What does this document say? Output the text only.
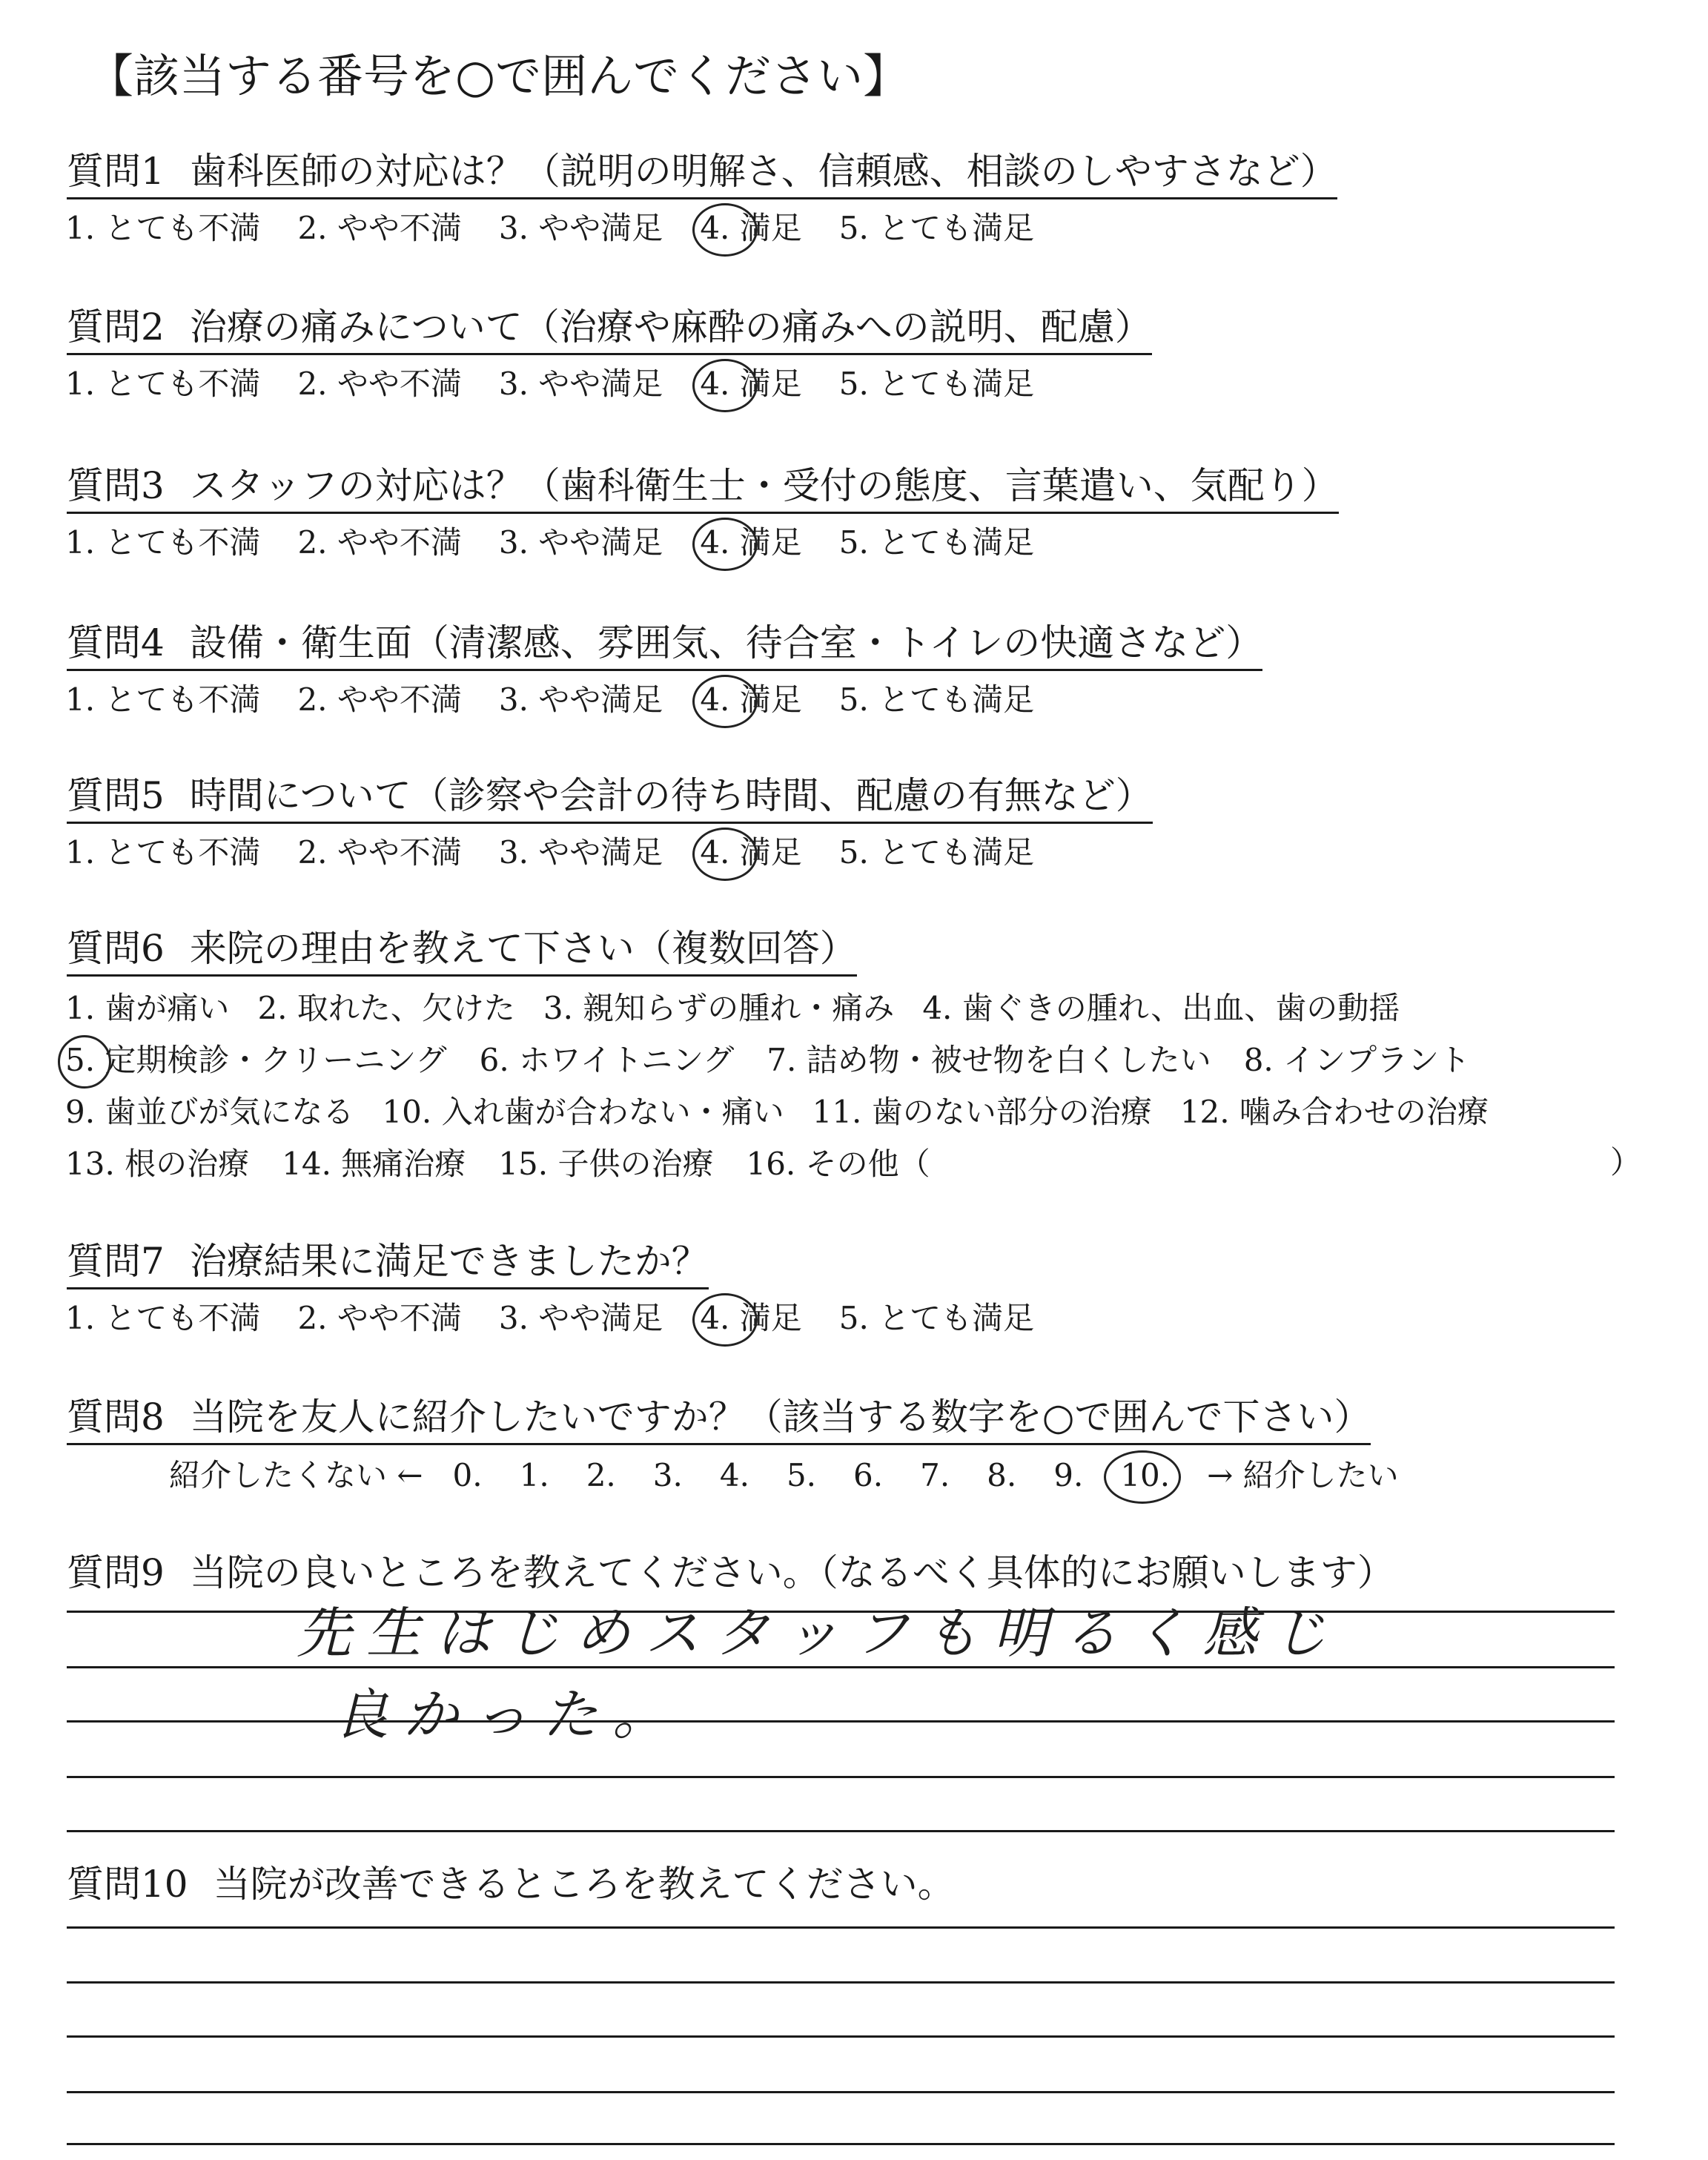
【該当する番号を○で囲んでください】
質問1 歯科医師の対応は？（説明の明解さ、信頼感、相談のしやすさなど）
1. とても不満 2. やや不満 3. やや満足 4. 満足 5. とても満足
質問2 治療の痛みについて（治療や麻酔の痛みへの説明、配慮）
1. とても不満 2. やや不満 3. やや満足 4. 満足 5. とても満足
質問3 スタッフの対応は？（歯科衛生士・受付の態度、言葉遣い、気配り）
1. とても不満 2. やや不満 3. やや満足 4. 満足 5. とても満足
質問4 設備・衛生面（清潔感、雰囲気、待合室・トイレの快適さなど）
1. とても不満 2. やや不満 3. やや満足 4. 満足 5. とても満足
質問5 時間について（診察や会計の待ち時間、配慮の有無など）
1. とても不満 2. やや不満 3. やや満足 4. 満足 5. とても満足
質問6 来院の理由を教えて下さい（複数回答）
1. 歯が痛い 2. 取れた、欠けた 3. 親知らずの腫れ・痛み 4. 歯ぐきの腫れ、出血、歯の動揺
5. 定期検診・クリーニング 6. ホワイトニング 7. 詰め物・被せ物を白くしたい 8. インプラント
9. 歯並びが気になる 10. 入れ歯が合わない・痛い 11. 歯のない部分の治療 12. 噛み合わせの治療
13. 根の治療 14. 無痛治療 15. 子供の治療 16. その他（	）
質問7 治療結果に満足できましたか？
1. とても不満 2. やや不満 3. やや満足 4. 満足 5. とても満足
質問8 当院を友人に紹介したいですか？（該当する数字を○で囲んで下さい）
紹介したくない ← 0. 1. 2. 3. 4. 5. 6. 7. 8. 9. 10. → 紹介したい
質問9 当院の良いところを教えてください。（なるべく具体的にお願いします）
先生はじめスタッフも明るく感じ
良かった。
質問10 当院が改善できるところを教えてください。
